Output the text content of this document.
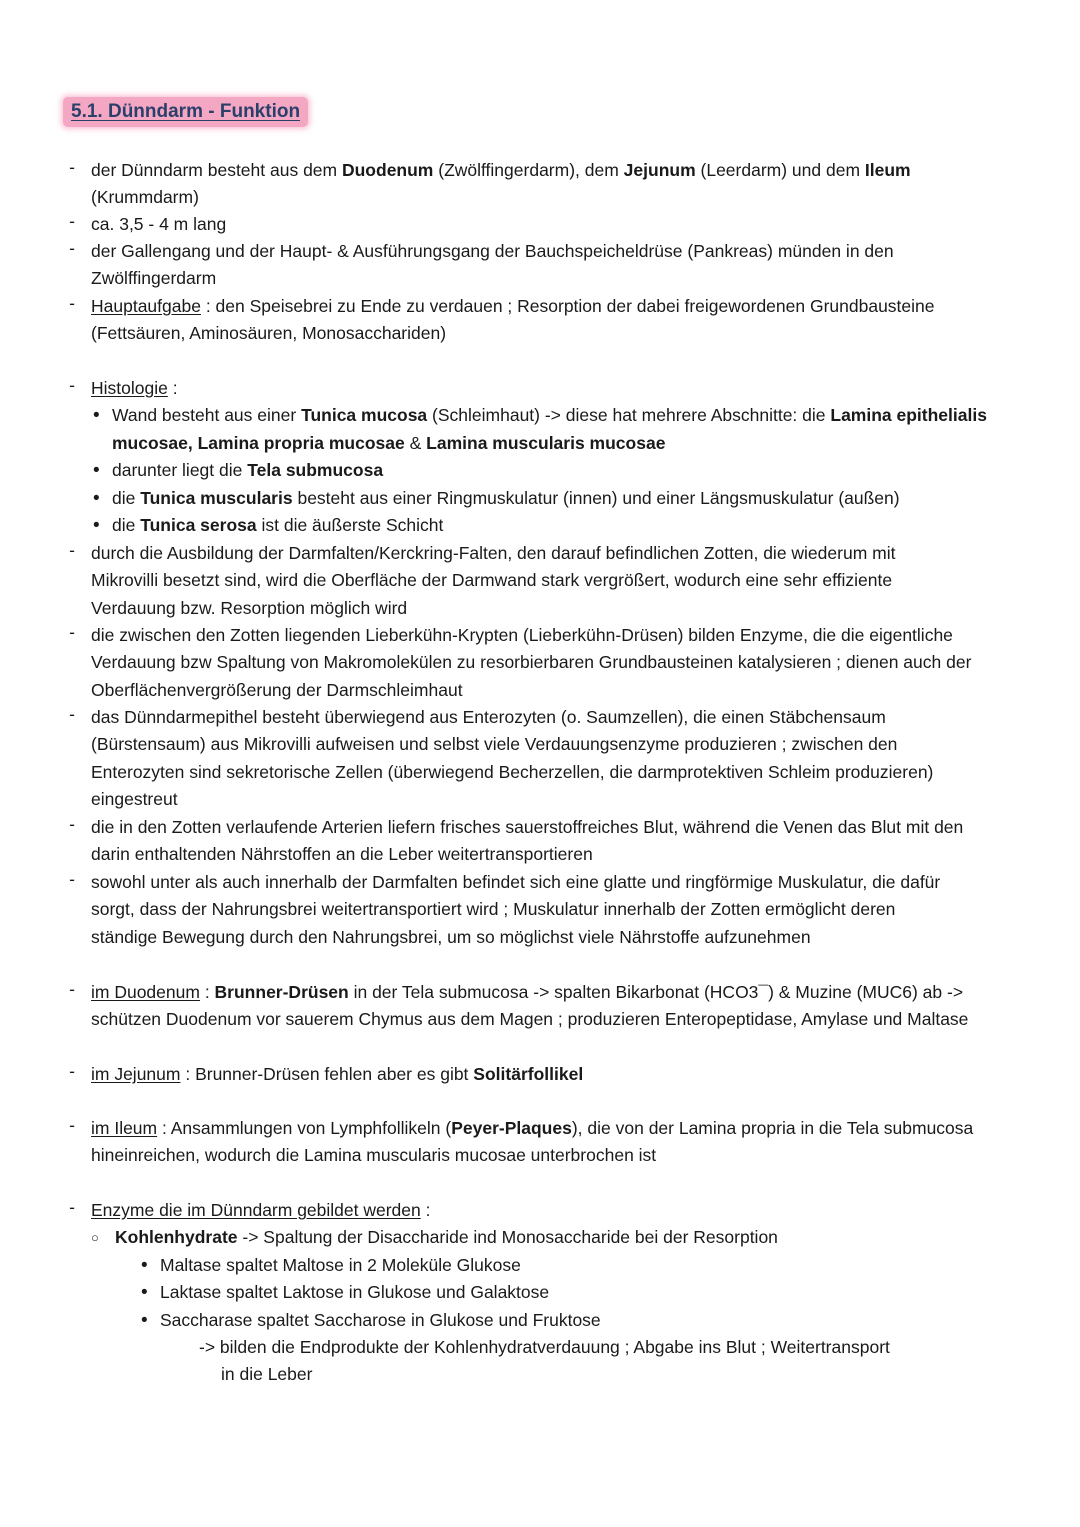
5.1. Dünndarm - Funktion
- der Dünndarm besteht aus dem Duodenum (Zwölffingerdarm), dem Jejunum (Leerdarm) und dem Ileum
(Krummdarm)
- ca. 3,5 - 4 m lang
- der Gallengang und der Haupt- & Ausführungsgang der Bauchspeicheldrüse (Pankreas) münden in den
Zwölffingerdarm
- Hauptaufgabe : den Speisebrei zu Ende zu verdauen ; Resorption der dabei freigewordenen Grundbausteine
(Fettsäuren, Aminosäuren, Monosacchariden)
- Histologie :
• Wand besteht aus einer Tunica mucosa (Schleimhaut) -> diese hat mehrere Abschnitte: die Lamina epithelialis
mucosae, Lamina propria mucosae & Lamina muscularis mucosae
• darunter liegt die Tela submucosa
• die Tunica muscularis besteht aus einer Ringmuskulatur (innen) und einer Längsmuskulatur (außen)
• die Tunica serosa ist die äußerste Schicht
- durch die Ausbildung der Darmfalten/Kerckring-Falten, den darauf befindlichen Zotten, die wiederum mit
Mikrovilli besetzt sind, wird die Oberfläche der Darmwand stark vergrößert, wodurch eine sehr effiziente
Verdauung bzw. Resorption möglich wird
- die zwischen den Zotten liegenden Lieberkühn-Krypten (Lieberkühn-Drüsen) bilden Enzyme, die die eigentliche
Verdauung bzw Spaltung von Makromolekülen zu resorbierbaren Grundbausteinen katalysieren ; dienen auch der
Oberflächenvergrößerung der Darmschleimhaut
- das Dünndarmepithel besteht überwiegend aus Enterozyten (o. Saumzellen), die einen Stäbchensaum
(Bürstensaum) aus Mikrovilli aufweisen und selbst viele Verdauungsenzyme produzieren ; zwischen den
Enterozyten sind sekretorische Zellen (überwiegend Becherzellen, die darmprotektiven Schleim produzieren)
eingestreut
- die in den Zotten verlaufende Arterien liefern frisches sauerstoffreiches Blut, während die Venen das Blut mit den
darin enthaltenden Nährstoffen an die Leber weitertransportieren
- sowohl unter als auch innerhalb der Darmfalten befindet sich eine glatte und ringförmige Muskulatur, die dafür
sorgt, dass der Nahrungsbrei weitertransportiert wird ; Muskulatur innerhalb der Zotten ermöglicht deren
ständige Bewegung durch den Nahrungsbrei, um so möglichst viele Nährstoffe aufzunehmen
- im Duodenum : Brunner-Drüsen in der Tela submucosa -> spalten Bikarbonat (HCO3¯) & Muzine (MUC6) ab ->
schützen Duodenum vor sauerem Chymus aus dem Magen ; produzieren Enteropeptidase, Amylase und Maltase
- im Jejunum : Brunner-Drüsen fehlen aber es gibt Solitärfollikel
- im Ileum : Ansammlungen von Lymphfollikeln (Peyer-Plaques), die von der Lamina propria in die Tela submucosa
hineinreichen, wodurch die Lamina muscularis mucosae unterbrochen ist
- Enzyme die im Dünndarm gebildet werden :
○ Kohlenhydrate -> Spaltung der Disaccharide ind Monosaccharide bei der Resorption
• Maltase spaltet Maltose in 2 Moleküle Glukose
• Laktase spaltet Laktose in Glukose und Galaktose
• Saccharase spaltet Saccharose in Glukose und Fruktose
-> bilden die Endprodukte der Kohlenhydratverdauung ; Abgabe ins Blut ; Weitertransport
in die Leber
